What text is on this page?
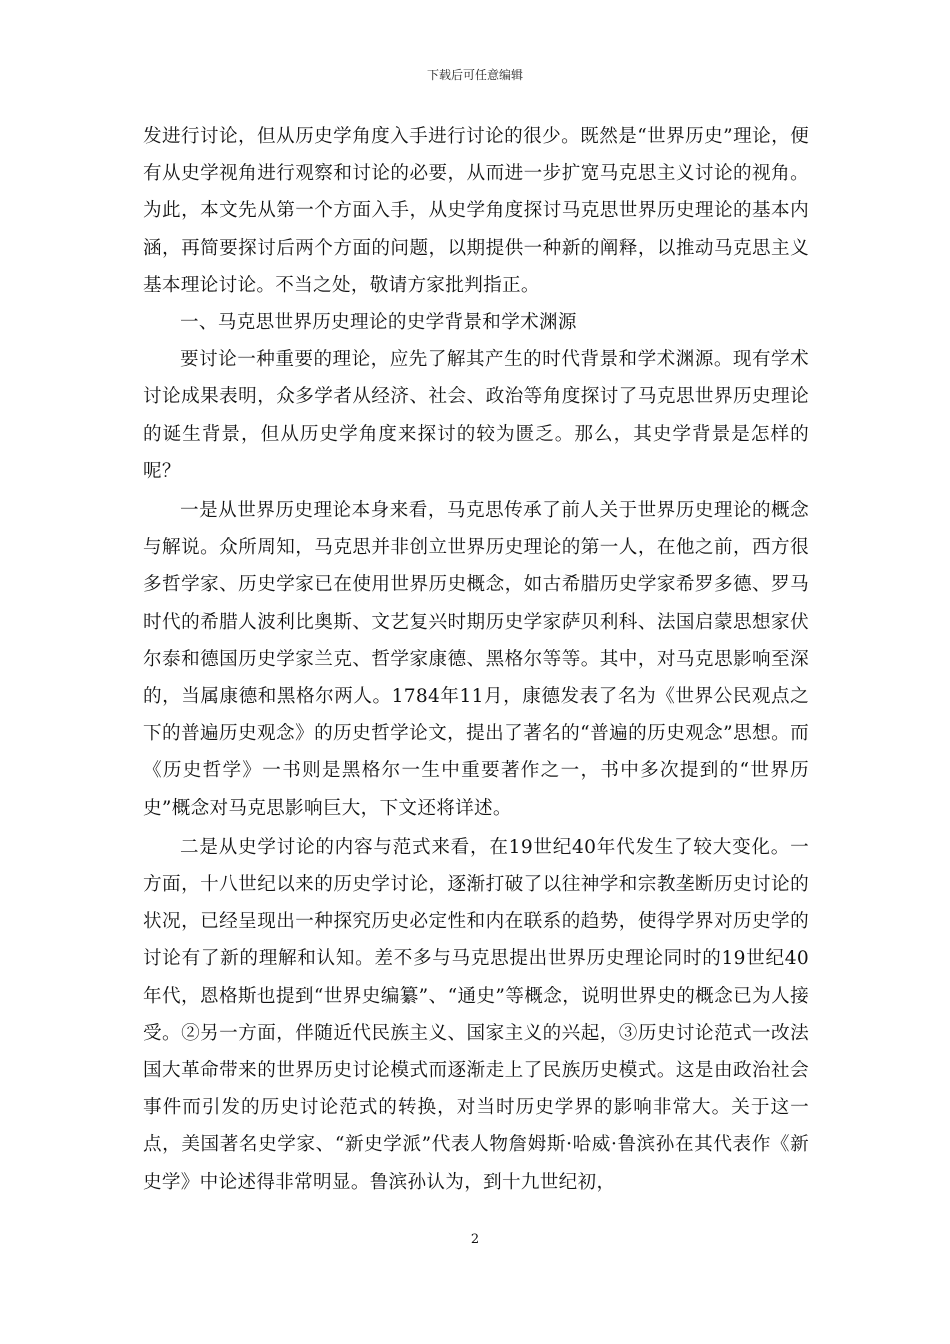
下载后可任意编辑

发进行讨论，但从历史学角度入手进行讨论的很少。既然是“世界历史”理论，便有从史学视角进行观察和讨论的必要，从而进一步扩宽马克思主义讨论的视角。为此，本文先从第一个方面入手，从史学角度探讨马克思世界历史理论的基本内涵，再简要探讨后两个方面的问题，以期提供一种新的阐释，以推动马克思主义基本理论讨论。不当之处，敬请方家批判指正。

一、马克思世界历史理论的史学背景和学术渊源

要讨论一种重要的理论，应先了解其产生的时代背景和学术渊源。现有学术讨论成果表明，众多学者从经济、社会、政治等角度探讨了马克思世界历史理论的诞生背景，但从历史学角度来探讨的较为匮乏。那么，其史学背景是怎样的呢？

一是从世界历史理论本身来看，马克思传承了前人关于世界历史理论的概念与解说。众所周知，马克思并非创立世界历史理论的第一人，在他之前，西方很多哲学家、历史学家已在使用世界历史概念，如古希腊历史学家希罗多德、罗马时代的希腊人波利比奥斯、文艺复兴时期历史学家萨贝利科、法国启蒙思想家伏尔泰和德国历史学家兰克、哲学家康德、黑格尔等等。其中，对马克思影响至深的，当属康德和黑格尔两人。1784年11月，康德发表了名为《世界公民观点之下的普遍历史观念》的历史哲学论文，提出了著名的“普遍的历史观念”思想。而《历史哲学》一书则是黑格尔一生中重要著作之一，书中多次提到的“世界历史”概念对马克思影响巨大，下文还将详述。

二是从史学讨论的内容与范式来看，在19世纪40年代发生了较大变化。一方面，十八世纪以来的历史学讨论，逐渐打破了以往神学和宗教垄断历史讨论的状况，已经呈现出一种探究历史必定性和内在联系的趋势，使得学界对历史学的讨论有了新的理解和认知。差不多与马克思提出世界历史理论同时的19世纪40年代，恩格斯也提到“世界史编纂”、“通史”等概念，说明世界史的概念已为人接受。②另一方面，伴随近代民族主义、国家主义的兴起，③历史讨论范式一改法国大革命带来的世界历史讨论模式而逐渐走上了民族历史模式。这是由政治社会事件而引发的历史讨论范式的转换，对当时历史学界的影响非常大。关于这一点，美国著名史学家、“新史学派”代表人物詹姆斯·哈威·鲁滨孙在其代表作《新史学》中论述得非常明显。鲁滨孙认为，到十九世纪初，

2
